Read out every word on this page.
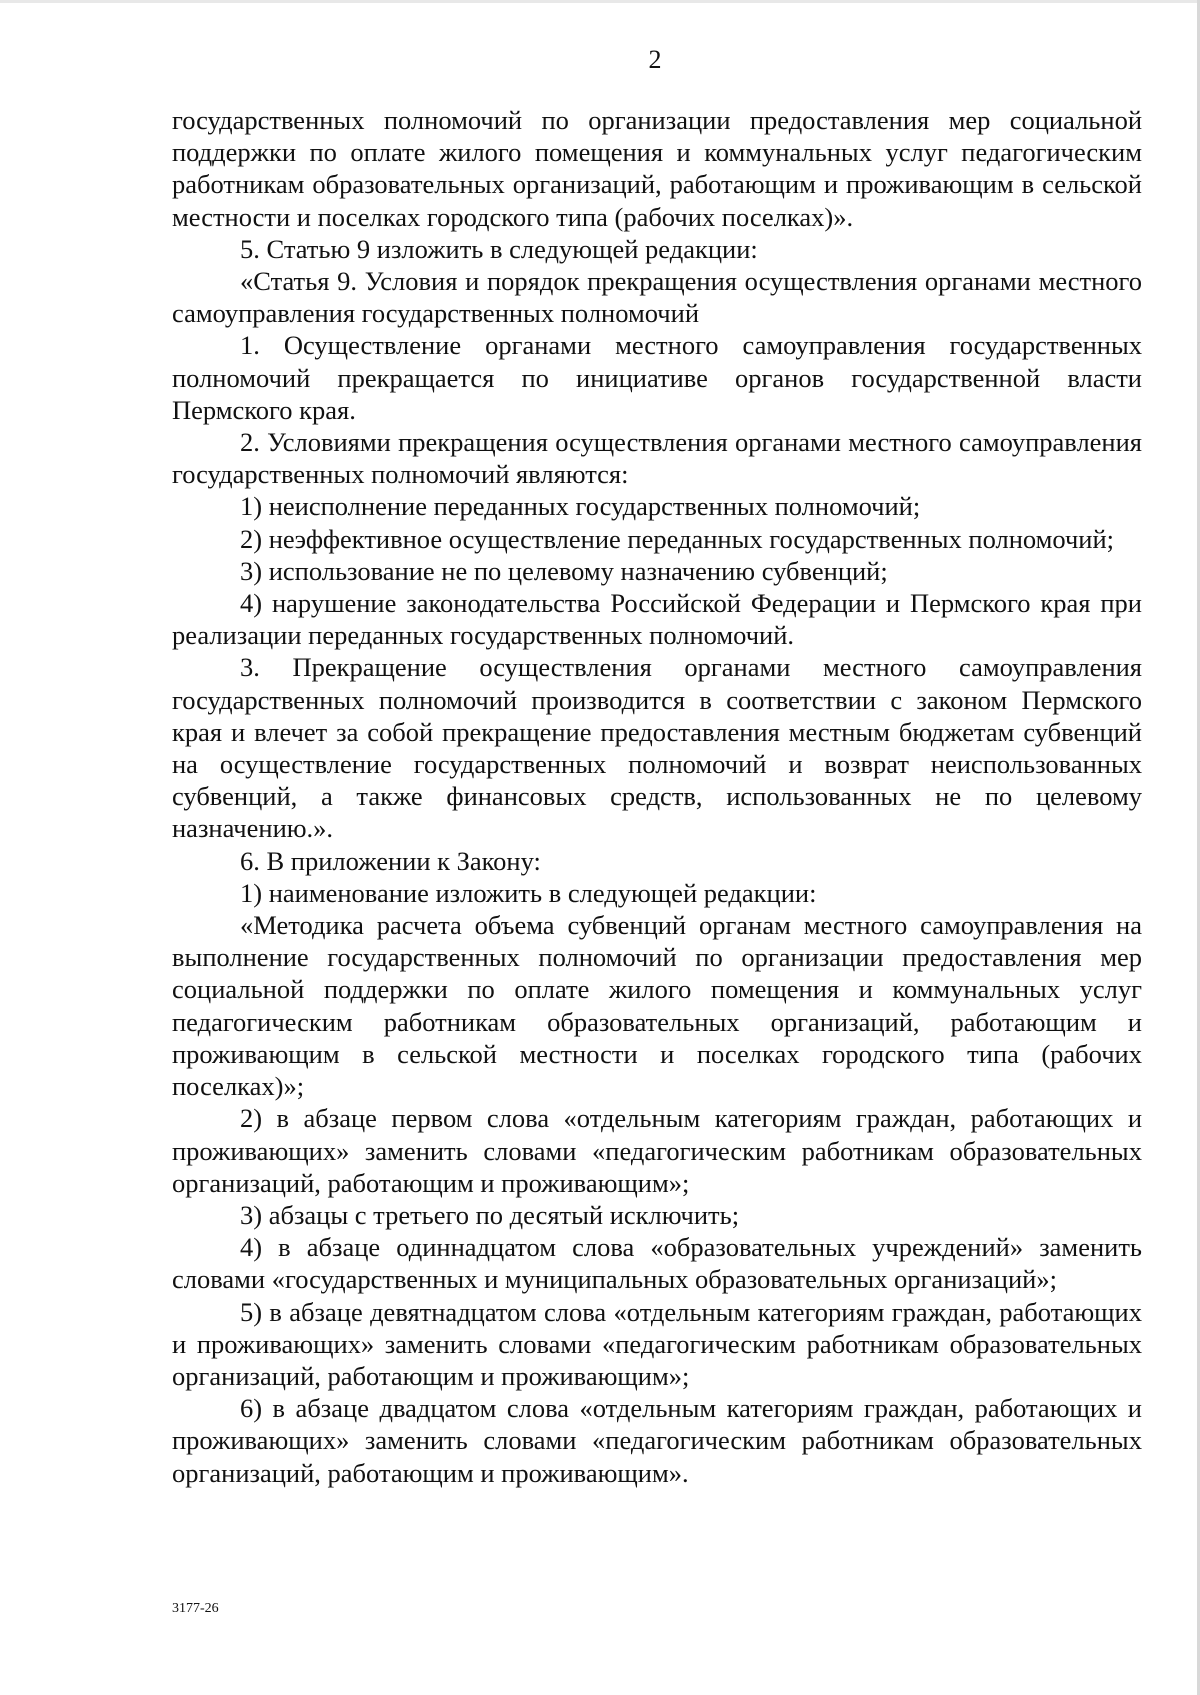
2

государственных полномочий по организации предоставления мер социальной поддержки по оплате жилого помещения и коммунальных услуг педагогическим работникам образовательных организаций, работающим и проживающим в сельской местности и поселках городского типа (рабочих поселках)».

5. Статью 9 изложить в следующей редакции:

«Статья 9. Условия и порядок прекращения осуществления органами местного самоуправления государственных полномочий

1. Осуществление органами местного самоуправления государственных полномочий прекращается по инициативе органов государственной власти Пермского края.

2. Условиями прекращения осуществления органами местного самоуправления государственных полномочий являются:

1) неисполнение переданных государственных полномочий;

2) неэффективное осуществление переданных государственных полномочий;

3) использование не по целевому назначению субвенций;

4) нарушение законодательства Российской Федерации и Пермского края при реализации переданных государственных полномочий.

3. Прекращение осуществления органами местного самоуправления государственных полномочий производится в соответствии с законом Пермского края и влечет за собой прекращение предоставления местным бюджетам субвенций на осуществление государственных полномочий и возврат неиспользованных субвенций, а также финансовых средств, использованных не по целевому назначению.».

6. В приложении к Закону:

1) наименование изложить в следующей редакции:

«Методика расчета объема субвенций органам местного самоуправления на выполнение государственных полномочий по организации предоставления мер социальной поддержки по оплате жилого помещения и коммунальных услуг педагогическим работникам образовательных организаций, работающим и проживающим в сельской местности и поселках городского типа (рабочих поселках)»;

2) в абзаце первом слова «отдельным категориям граждан, работающих и проживающих» заменить словами «педагогическим работникам образовательных организаций, работающим и проживающим»;

3) абзацы с третьего по десятый исключить;

4) в абзаце одиннадцатом слова «образовательных учреждений» заменить словами «государственных и муниципальных образовательных организаций»;

5) в абзаце девятнадцатом слова «отдельным категориям граждан, работающих и проживающих» заменить словами «педагогическим работникам образовательных организаций, работающим и проживающим»;

6) в абзаце двадцатом слова «отдельным категориям граждан, работающих и проживающих» заменить словами «педагогическим работникам образовательных организаций, работающим и проживающим».

3177-26
